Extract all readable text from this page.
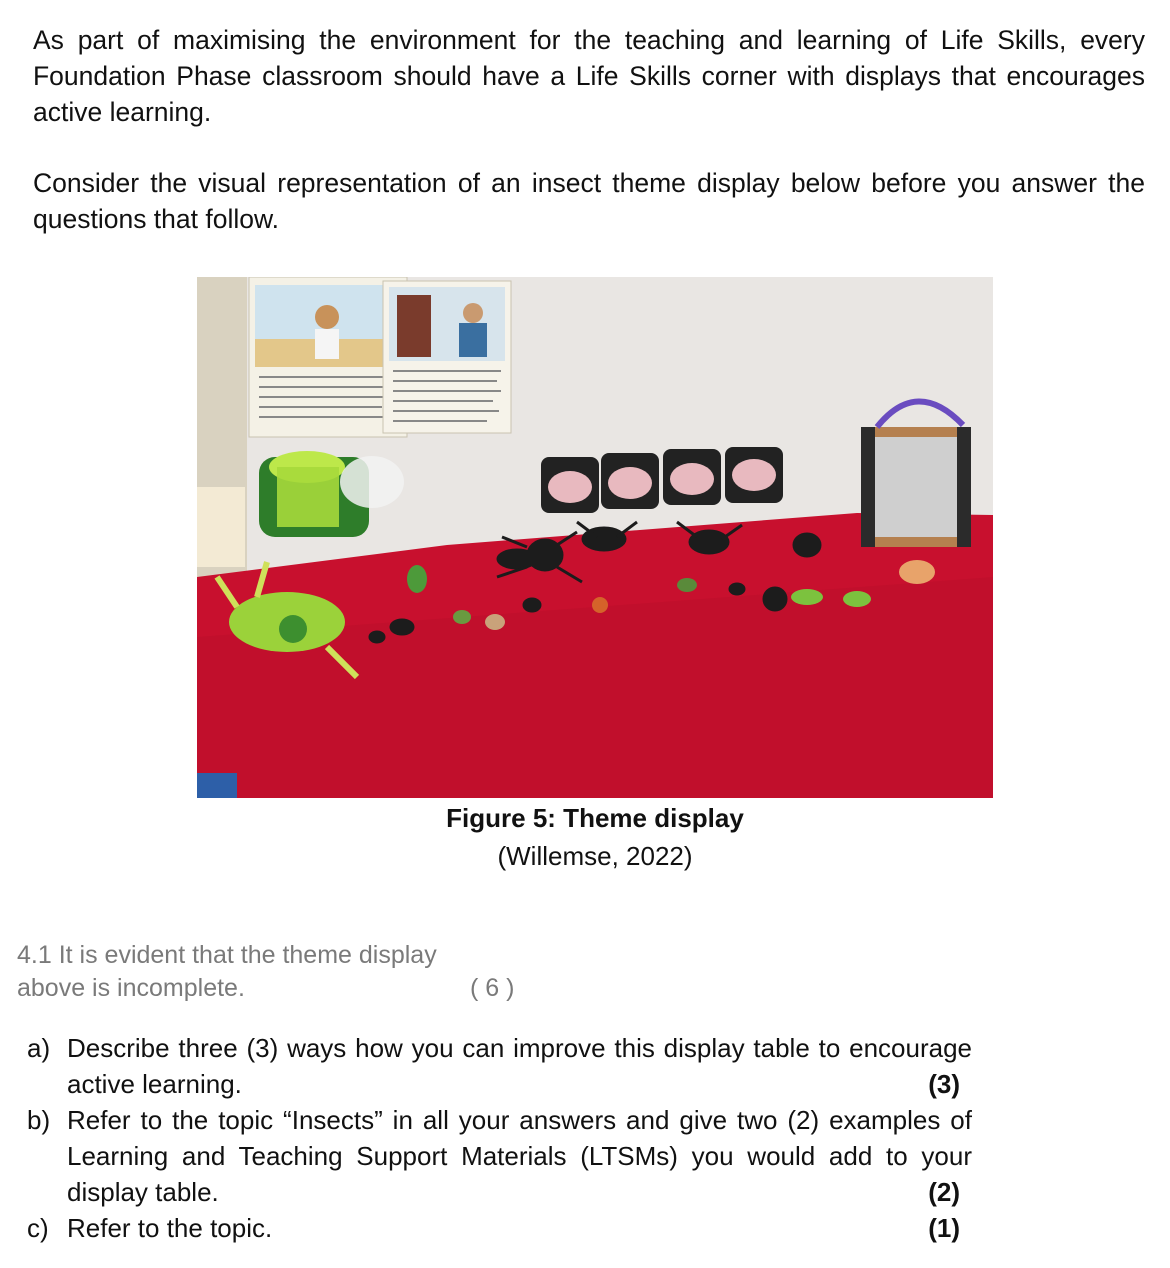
As part of maximising the environment for the teaching and learning of Life Skills, every Foundation Phase classroom should have a Life Skills corner with displays that encourages active learning.

Consider the visual representation of an insect theme display below before you answer the questions that follow.

Figure 5: Theme display

(Willemse, 2022)

4.1 It is evident that the theme display

above is incomplete.	( 6 )
a) Describe three (3) ways how you can improve this display table to encourage active learning.	(3)
b) Refer to the topic “Insects” in all your answers and give two (2) examples of Learning and Teaching Support Materials (LTSMs) you would add to your display table.	(2)
c) Refer to the topic.	(1)
